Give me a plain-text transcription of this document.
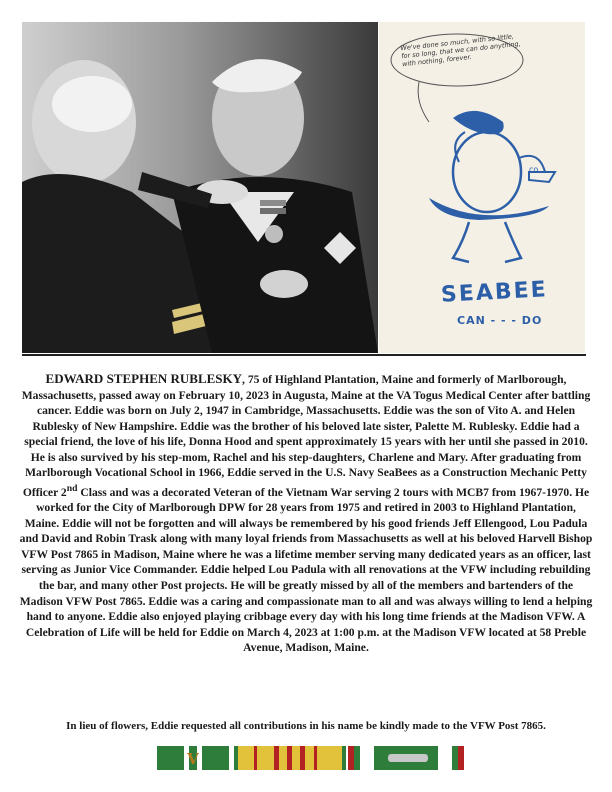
co
We've done so much, with so little, for so long, that we can do anything, with nothing, forever.
SEABEE
CAN - - - DO

EDWARD STEPHEN RUBLESKY, 75 of Highland Plantation, Maine and formerly of Marlborough, Massachusetts, passed away on February 10, 2023 in Augusta, Maine at the VA Togus Medical Center after battling cancer. Eddie was born on July 2, 1947 in Cambridge, Massachusetts. Eddie was the son of Vito A. and Helen Rublesky of New Hampshire. Eddie was the brother of his beloved late sister, Palette M. Rublesky. Eddie had a special friend, the love of his life, Donna Hood and spent approximately 15 years with her until she passed in 2010. He is also survived by his step-mom, Rachel and his step-daughters, Charlene and Mary. After graduating from Marlborough Vocational School in 1966, Eddie served in the U.S. Navy SeaBees as a Construction Mechanic Petty Officer 2nd Class and was a decorated Veteran of the Vietnam War serving 2 tours with MCB7 from 1967-1970. He worked for the City of Marlborough DPW for 28 years from 1975 and retired in 2003 to Highland Plantation, Maine. Eddie will not be forgotten and will always be remembered by his good friends Jeff Ellengood, Lou Padula and David and Robin Trask along with many loyal friends from Massachusetts as well at his beloved Harvell Bishop VFW Post 7865 in Madison, Maine where he was a lifetime member serving many dedicated years as an officer, last serving as Junior Vice Commander. Eddie helped Lou Padula with all renovations at the VFW including rebuilding the bar, and many other Post projects. He will be greatly missed by all of the members and bartenders of the Madison VFW Post 7865. Eddie was a caring and compassionate man to all and was always willing to lend a helping hand to anyone. Eddie also enjoyed playing cribbage every day with his long time friends at the Madison VFW. A Celebration of Life will be held for Eddie on March 4, 2023 at 1:00 p.m. at the Madison VFW located at 58 Preble Avenue, Madison, Maine.

In lieu of flowers, Eddie requested all contributions in his name be kindly made to the VFW Post 7865.

V
